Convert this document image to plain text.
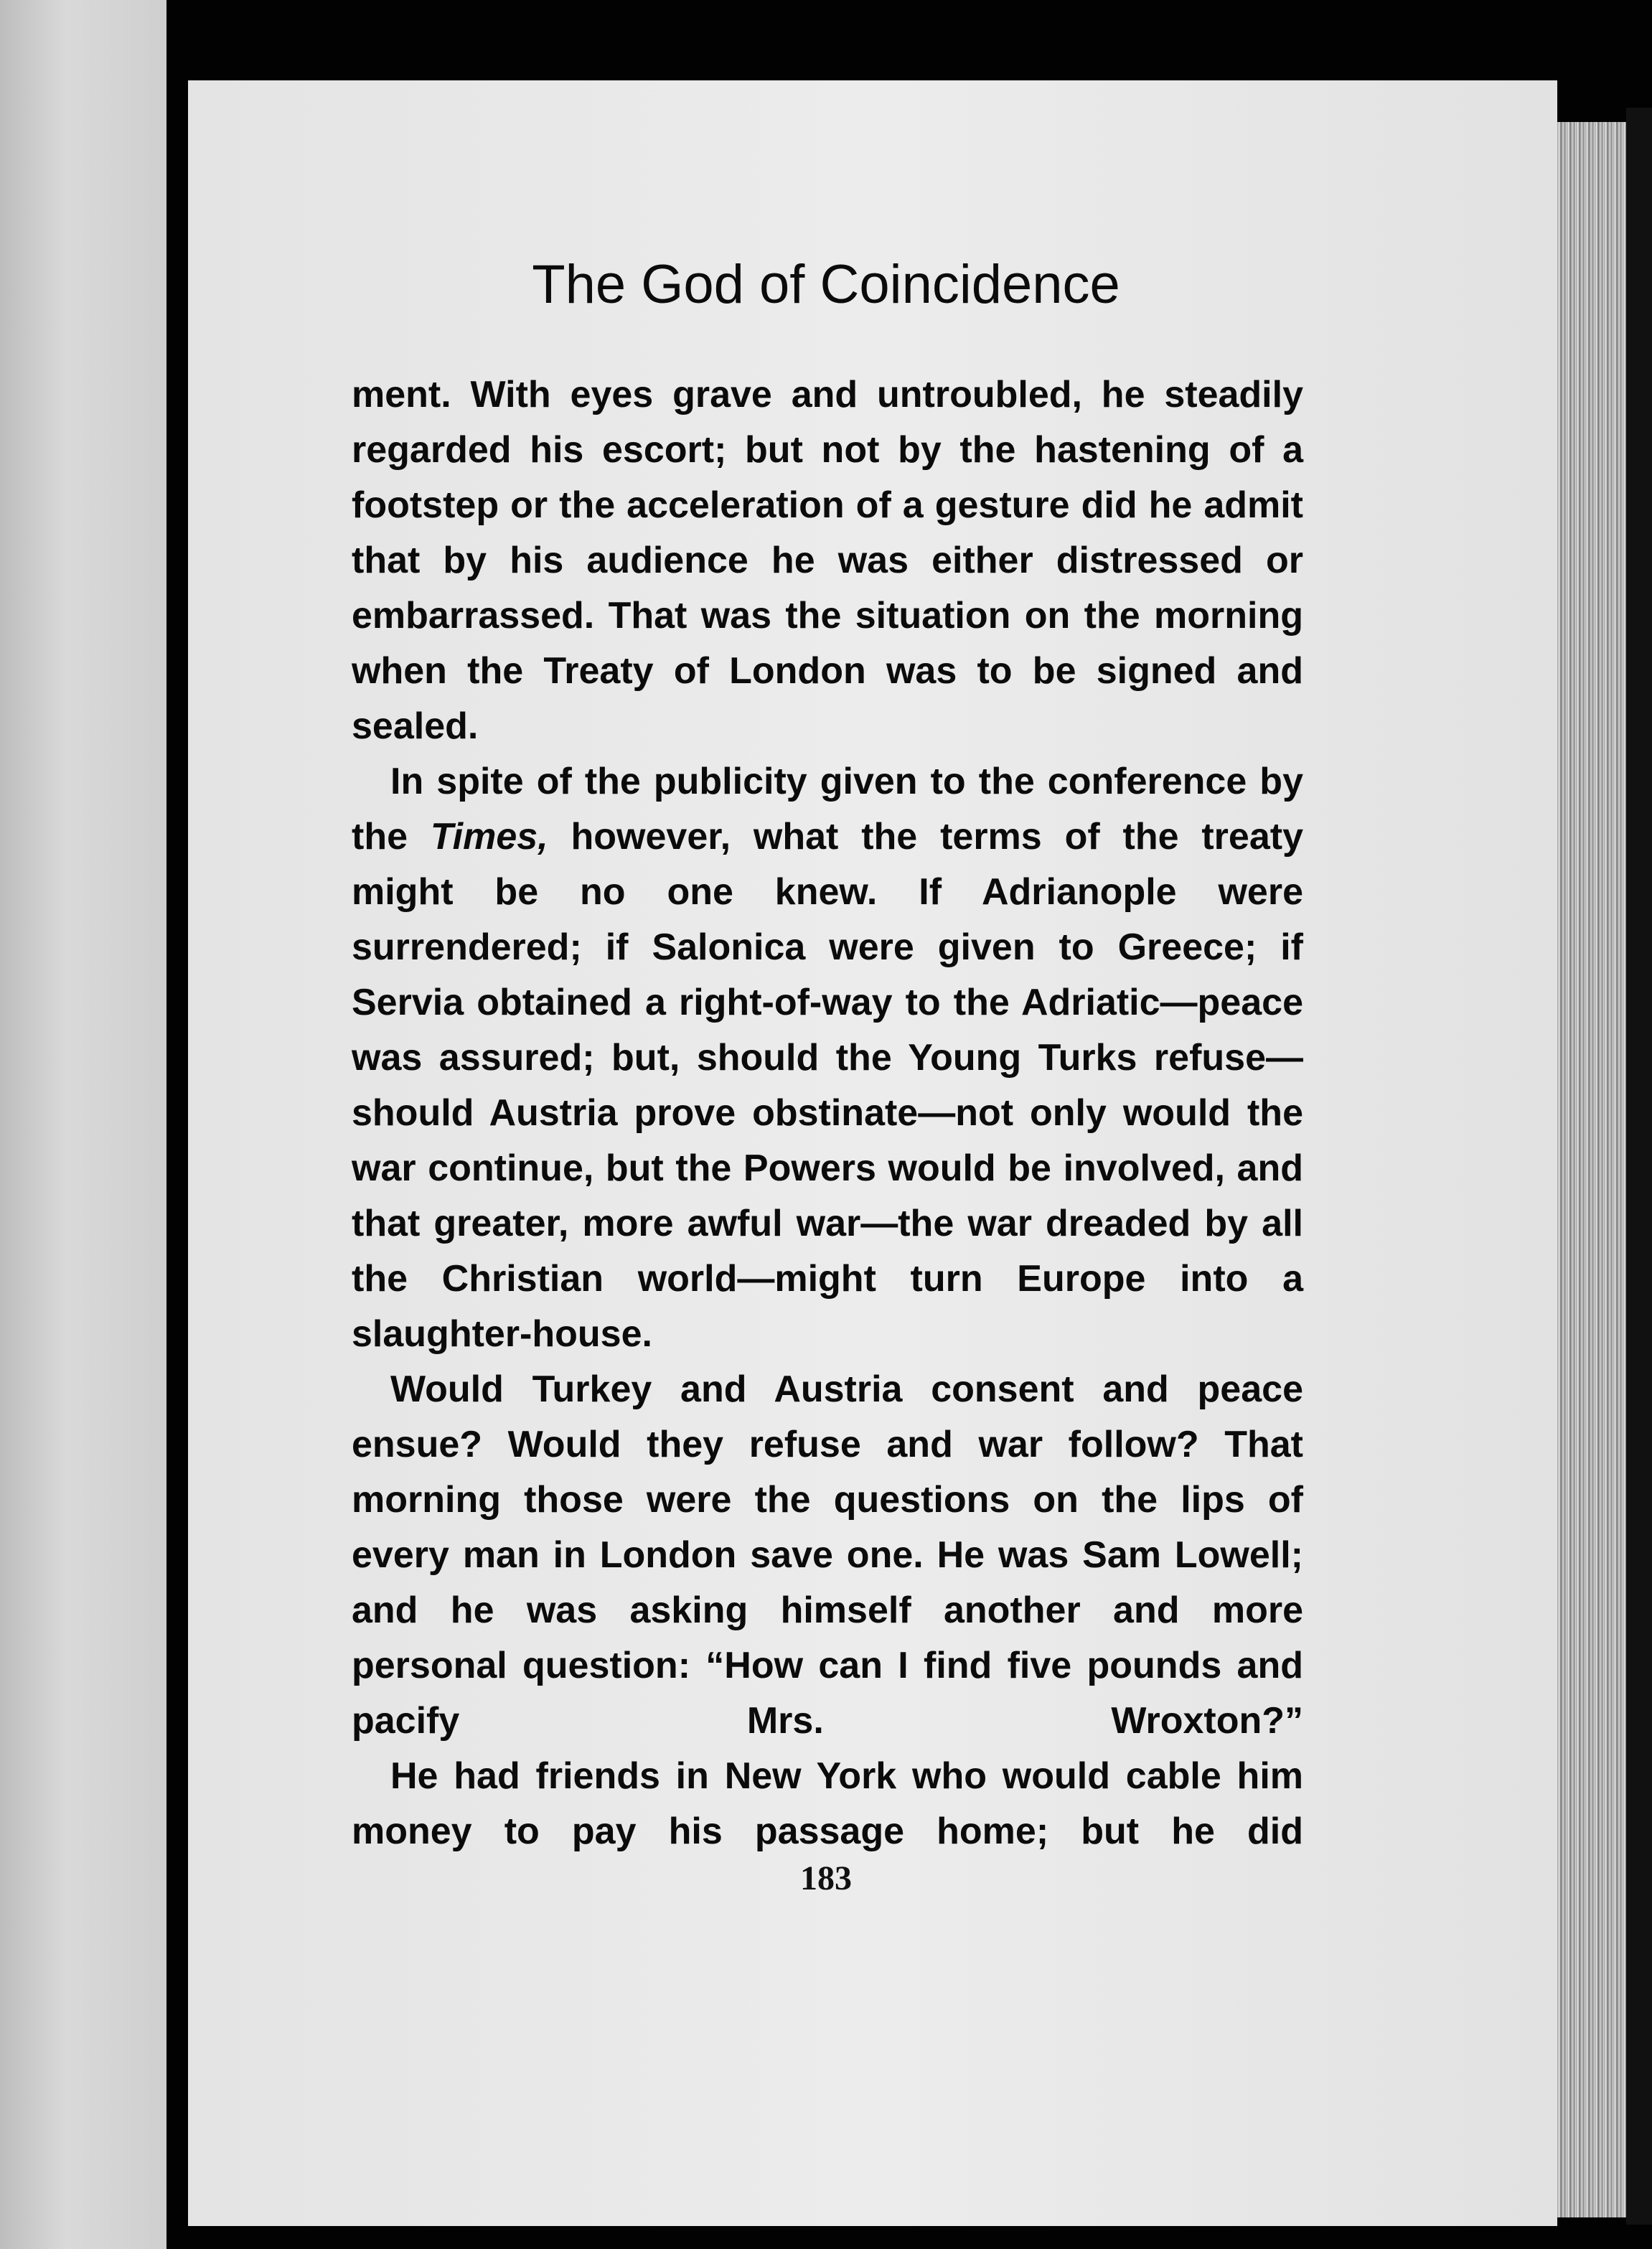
The God of Coincidence

ment. With eyes grave and untroubled, he steadily regarded his escort; but not by the hastening of a footstep or the acceleration of a gesture did he admit that by his audience he was either distressed or embarrassed. That was the situation on the morning when the Treaty of London was to be signed and sealed.

In spite of the publicity given to the conference by the Times, however, what the terms of the treaty might be no one knew. If Adrianople were surrendered; if Salonica were given to Greece; if Servia obtained a right-of-way to the Adriatic—peace was assured; but, should the Young Turks refuse—should Austria prove obstinate—not only would the war continue, but the Powers would be involved, and that greater, more awful war—the war dreaded by all the Christian world—might turn Europe into a slaughter-house.

Would Turkey and Austria consent and peace ensue? Would they refuse and war follow? That morning those were the questions on the lips of every man in London save one. He was Sam Lowell; and he was asking himself another and more personal question: “How can I find five pounds and pacify Mrs. Wroxton?”

He had friends in New York who would cable him money to pay his passage home; but he did

183
